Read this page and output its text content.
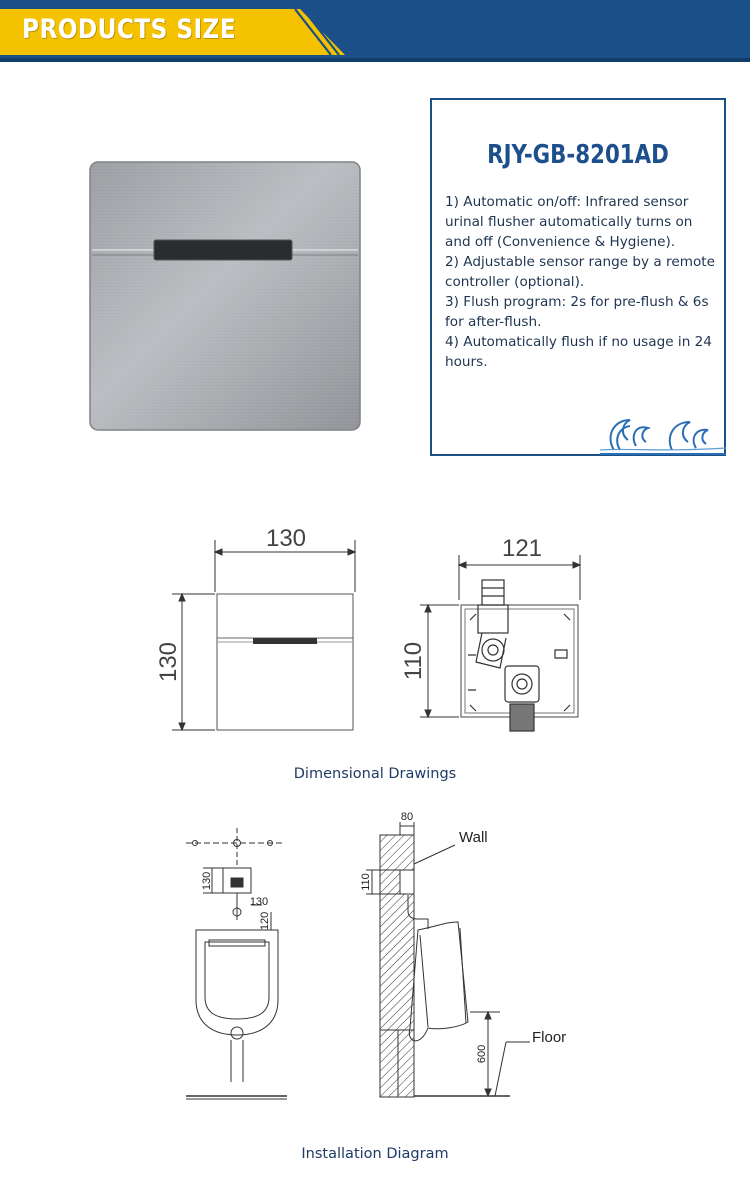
PRODUCTS SIZE
RJY-GB-8201AD
1) Automatic on/off: Infrared sensor urinal flusher automatically turns on and off (Convenience & Hygiene).
2) Adjustable sensor range by a remote controller (optional).
3) Flush program: 2s for pre-flush & 6s for after-flush.
4) Automatically flush if no usage in 24 hours.
130	121
130	110
Dimensional Drawings
130
130
120
80
110
600
Wall
Floor
Installation Diagram
